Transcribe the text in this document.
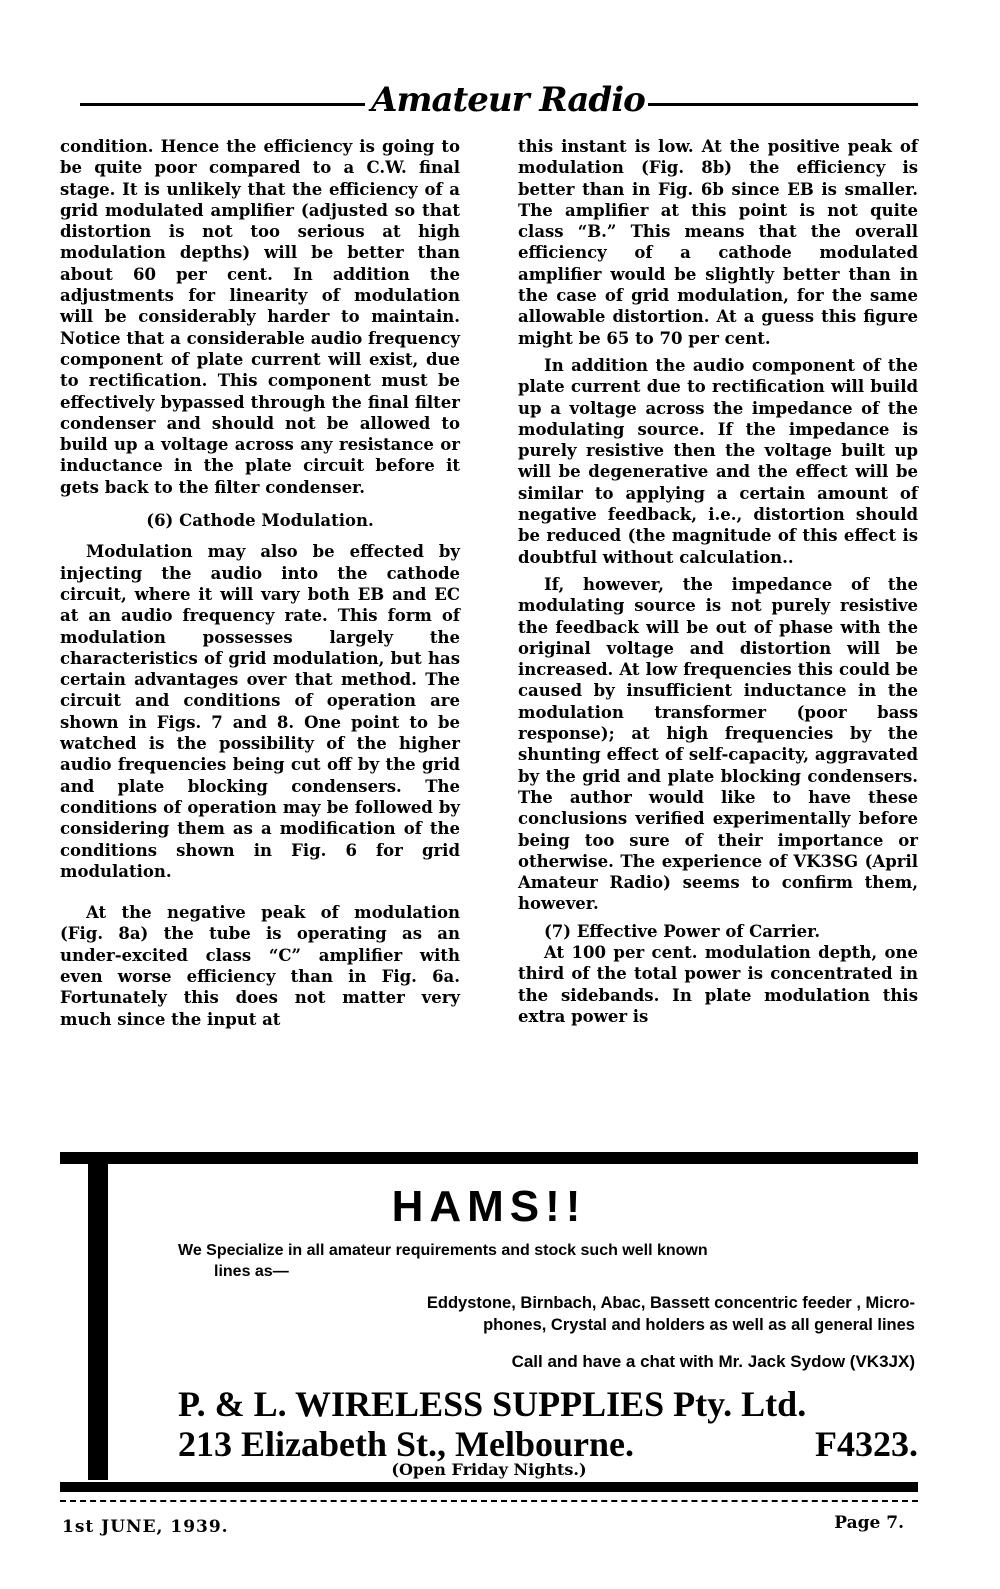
Amateur Radio

condition. Hence the efficiency is going to be quite poor compared to a C.W. final stage. It is unlikely that the efficiency of a grid modulated amplifier (adjusted so that distortion is not too serious at high modulation depths) will be better than about 60 per cent. In addition the adjustments for linearity of modulation will be considerably harder to maintain. Notice that a considerable audio frequency component of plate current will exist, due to rectification. This component must be effectively bypassed through the final filter condenser and should not be allowed to build up a voltage across any resistance or inductance in the plate circuit before it gets back to the filter condenser.

(6) Cathode Modulation.

Modulation may also be effected by injecting the audio into the cathode circuit, where it will vary both EB and EC at an audio frequency rate. This form of modulation possesses largely the characteristics of grid modulation, but has certain advantages over that method. The circuit and conditions of operation are shown in Figs. 7 and 8. One point to be watched is the possibility of the higher audio frequencies being cut off by the grid and plate blocking condensers. The conditions of operation may be followed by considering them as a modification of the conditions shown in Fig. 6 for grid modulation.

At the negative peak of modulation (Fig. 8a) the tube is operating as an under-excited class “C” amplifier with even worse efficiency than in Fig. 6a. Fortunately this does not matter very much since the input at

this instant is low. At the positive peak of modulation (Fig. 8b) the efficiency is better than in Fig. 6b since EB is smaller. The amplifier at this point is not quite class “B.” This means that the overall efficiency of a cathode modulated amplifier would be slightly better than in the case of grid modulation, for the same allowable distortion. At a guess this figure might be 65 to 70 per cent.

In addition the audio component of the plate current due to rectification will build up a voltage across the impedance of the modulating source. If the impedance is purely resistive then the voltage built up will be degenerative and the effect will be similar to applying a certain amount of negative feedback, i.e., distortion should be reduced (the magnitude of this effect is doubtful without calculation..

If, however, the impedance of the modulating source is not purely resistive the feedback will be out of phase with the original voltage and distortion will be increased. At low frequencies this could be caused by insufficient inductance in the modulation transformer (poor bass response); at high frequencies by the shunting effect of self-capacity, aggravated by the grid and plate blocking condensers. The author would like to have these conclusions verified experimentally before being too sure of their importance or otherwise. The experience of VK3SG (April Amateur Radio) seems to confirm them, however.

(7) Effective Power of Carrier.

At 100 per cent. modulation depth, one third of the total power is concentrated in the sidebands. In plate modulation this extra power is

HAMS!!
We Specialize in all amateur requirements and stock such well known
lines as—
Eddystone, Birnbach, Abac, Bassett concentric feeder , Micro-
phones, Crystal and holders as well as all general lines
Call and have a chat with Mr. Jack Sydow (VK3JX)
P. & L. WIRELESS SUPPLIES Pty. Ltd.
213 Elizabeth St., Melbourne.	F4323.
(Open Friday Nights.)
1st JUNE, 1939.	Page 7.
